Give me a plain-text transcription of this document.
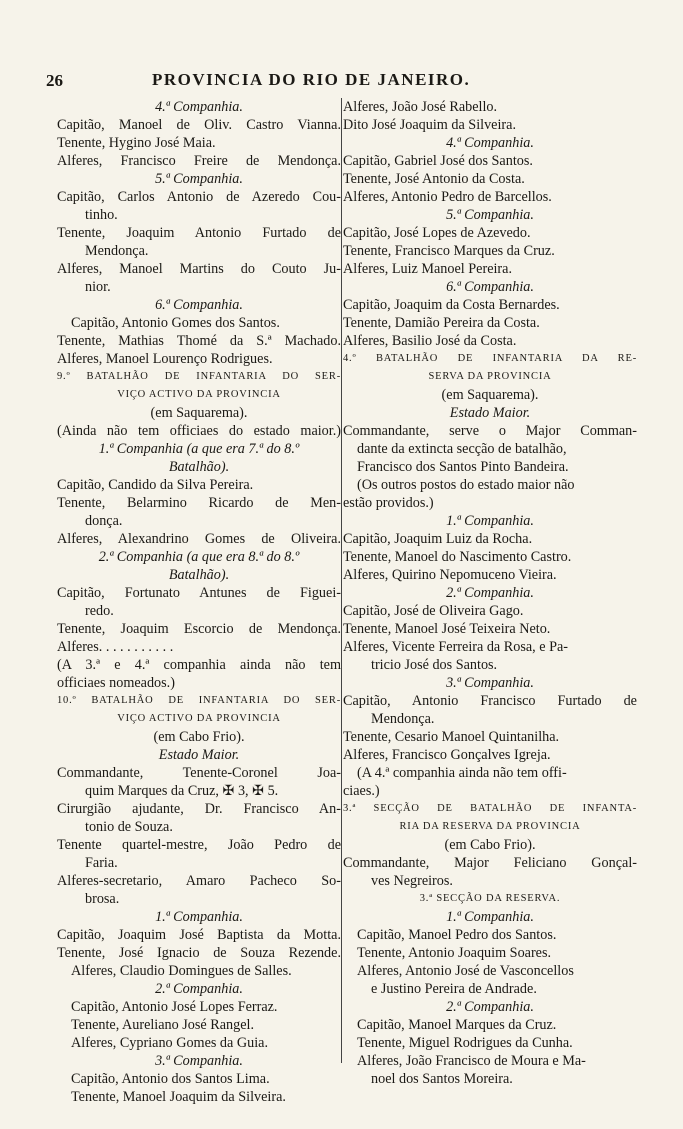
26	PROVINCIA DO RIO DE JANEIRO.
4.ª Companhia.
Capitão, Manoel de Oliv. Castro Vianna.
Tenente, Hygino José Maia.
Alferes, Francisco Freire de Mendonça.
5.ª Companhia.
Capitão, Carlos Antonio de Azeredo Cou-
tinho.
Tenente, Joaquim Antonio Furtado de
Mendonça.
Alferes, Manoel Martins do Couto Ju-
nior.
6.ª Companhia.
Capitão, Antonio Gomes dos Santos.
Tenente, Mathias Thomé da S.ª Machado.
Alferes, Manoel Lourenço Rodrigues.
9.º BATALHÃO DE INFANTARIA DO SER-
VIÇO ACTIVO DA PROVINCIA
(em Saquarema).
(Ainda não tem officiaes do estado maior.)
1.ª Companhia (a que era 7.ª do 8.º
Batalhão).
Capitão, Candido da Silva Pereira.
Tenente, Belarmino Ricardo de Men-
donça.
Alferes, Alexandrino Gomes de Oliveira.
2.ª Companhia (a que era 8.ª do 8.º
Batalhão).
Capitão, Fortunato Antunes de Figuei-
redo.
Tenente, Joaquim Escorcio de Mendonça.
Alferes. . . . . . . . . . .
(A 3.ª e 4.ª companhia ainda não tem
officiaes nomeados.)
10.º BATALHÃO DE INFANTARIA DO SER-
VIÇO ACTIVO DA PROVINCIA
(em Cabo Frio).
Estado Maior.
Commandante, Tenente-Coronel Joa-
quim Marques da Cruz, ✠ 3, ✠ 5.
Cirurgião ajudante, Dr. Francisco An-
tonio de Souza.
Tenente quartel-mestre, João Pedro de
Faria.
Alferes-secretario, Amaro Pacheco So-
brosa.
1.ª Companhia.
Capitão, Joaquim José Baptista da Motta.
Tenente, José Ignacio de Souza Rezende.
Alferes, Claudio Domingues de Salles.
2.ª Companhia.
Capitão, Antonio José Lopes Ferraz.
Tenente, Aureliano José Rangel.
Alferes, Cypriano Gomes da Guia.
3.ª Companhia.
Capitão, Antonio dos Santos Lima.
Tenente, Manoel Joaquim da Silveira.
Alferes, João José Rabello.
Dito José Joaquim da Silveira.
4.ª Companhia.
Capitão, Gabriel José dos Santos.
Tenente, José Antonio da Costa.
Alferes, Antonio Pedro de Barcellos.
5.ª Companhia.
Capitão, José Lopes de Azevedo.
Tenente, Francisco Marques da Cruz.
Alferes, Luiz Manoel Pereira.
6.ª Companhia.
Capitão, Joaquim da Costa Bernardes.
Tenente, Damião Pereira da Costa.
Alferes, Basilio José da Costa.
4.º BATALHÃO DE INFANTARIA DA RE-
SERVA DA PROVINCIA
(em Saquarema).
Estado Maior.
Commandante, serve o Major Comman-
dante da extincta secção de batalhão,
Francisco dos Santos Pinto Bandeira.
(Os outros postos do estado maior não
estão providos.)
1.ª Companhia.
Capitão, Joaquim Luiz da Rocha.
Tenente, Manoel do Nascimento Castro.
Alferes, Quirino Nepomuceno Vieira.
2.ª Companhia.
Capitão, José de Oliveira Gago.
Tenente, Manoel José Teixeira Neto.
Alferes, Vicente Ferreira da Rosa, e Pa-
tricio José dos Santos.
3.ª Companhia.
Capitão, Antonio Francisco Furtado de
Mendonça.
Tenente, Cesario Manoel Quintanilha.
Alferes, Francisco Gonçalves Igreja.
(A 4.ª companhia ainda não tem offi-
ciaes.)
3.ª SECÇÃO DE BATALHÃO DE INFANTA-
RIA DA RESERVA DA PROVINCIA
(em Cabo Frio).
Commandante, Major Feliciano Gonçal-
ves Negreiros.
3.ª SECÇÃO DA RESERVA.
1.ª Companhia.
Capitão, Manoel Pedro dos Santos.
Tenente, Antonio Joaquim Soares.
Alferes, Antonio José de Vasconcellos
e Justino Pereira de Andrade.
2.ª Companhia.
Capitão, Manoel Marques da Cruz.
Tenente, Miguel Rodrigues da Cunha.
Alferes, João Francisco de Moura e Ma-
noel dos Santos Moreira.
